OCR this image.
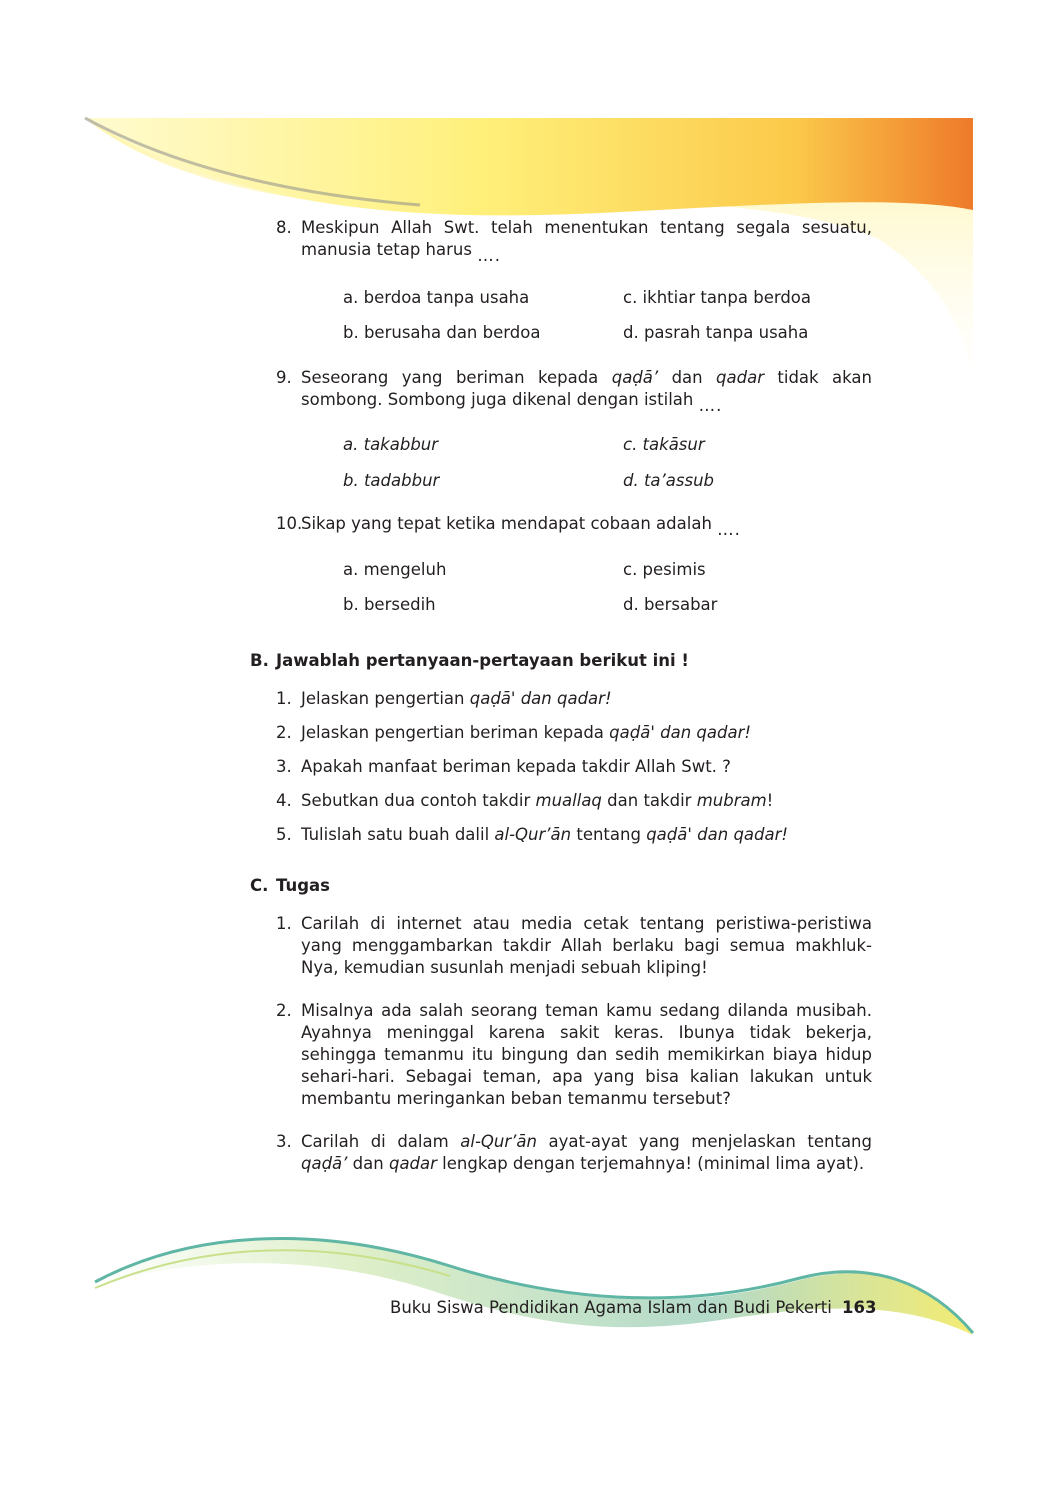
8. Meskipun Allah Swt. telah menentukan tentang segala sesuatu, manusia tetap harus ….
a. berdoa tanpa usaha	c. ikhtiar tanpa berdoa
b. berusaha dan berdoa	d. pasrah tanpa usaha
9. Seseorang yang beriman kepada qaḍā’ dan qadar tidak akan sombong. Sombong juga dikenal dengan istilah ….
a. takabbur	c. takāsur
b. tadabbur	d. ta’assub
10.
Sikap yang tepat ketika mendapat cobaan adalah ….
a. mengeluh	c. pesimis
b. bersedih	d. bersabar
B. Jawablah pertanyaan-pertayaan berikut ini !
1. Jelaskan pengertian qaḍā' dan qadar!
2. Jelaskan pengertian beriman kepada qaḍā' dan qadar!
3. Apakah manfaat beriman kepada takdir Allah Swt. ?
4. Sebutkan dua contoh takdir muallaq dan takdir mubram!
5. Tulislah satu buah dalil al-Qur’ān tentang qaḍā' dan qadar!
C. Tugas
1. Carilah di internet atau media cetak tentang peristiwa-peristiwa yang menggambarkan takdir Allah berlaku bagi semua makhluk-Nya, kemudian susunlah menjadi sebuah kliping!
2. Misalnya ada salah seorang teman kamu sedang dilanda musibah. Ayahnya meninggal karena sakit keras. Ibunya tidak bekerja, sehingga temanmu itu bingung dan sedih memikirkan biaya hidup sehari-hari. Sebagai teman, apa yang bisa kalian lakukan untuk membantu meringankan beban temanmu tersebut?
3. Carilah di dalam al-Qur’ān ayat-ayat yang menjelaskan tentang qaḍā’ dan qadar lengkap dengan terjemahnya! (minimal lima ayat).
Buku Siswa Pendidikan Agama Islam dan Budi Pekerti 163
